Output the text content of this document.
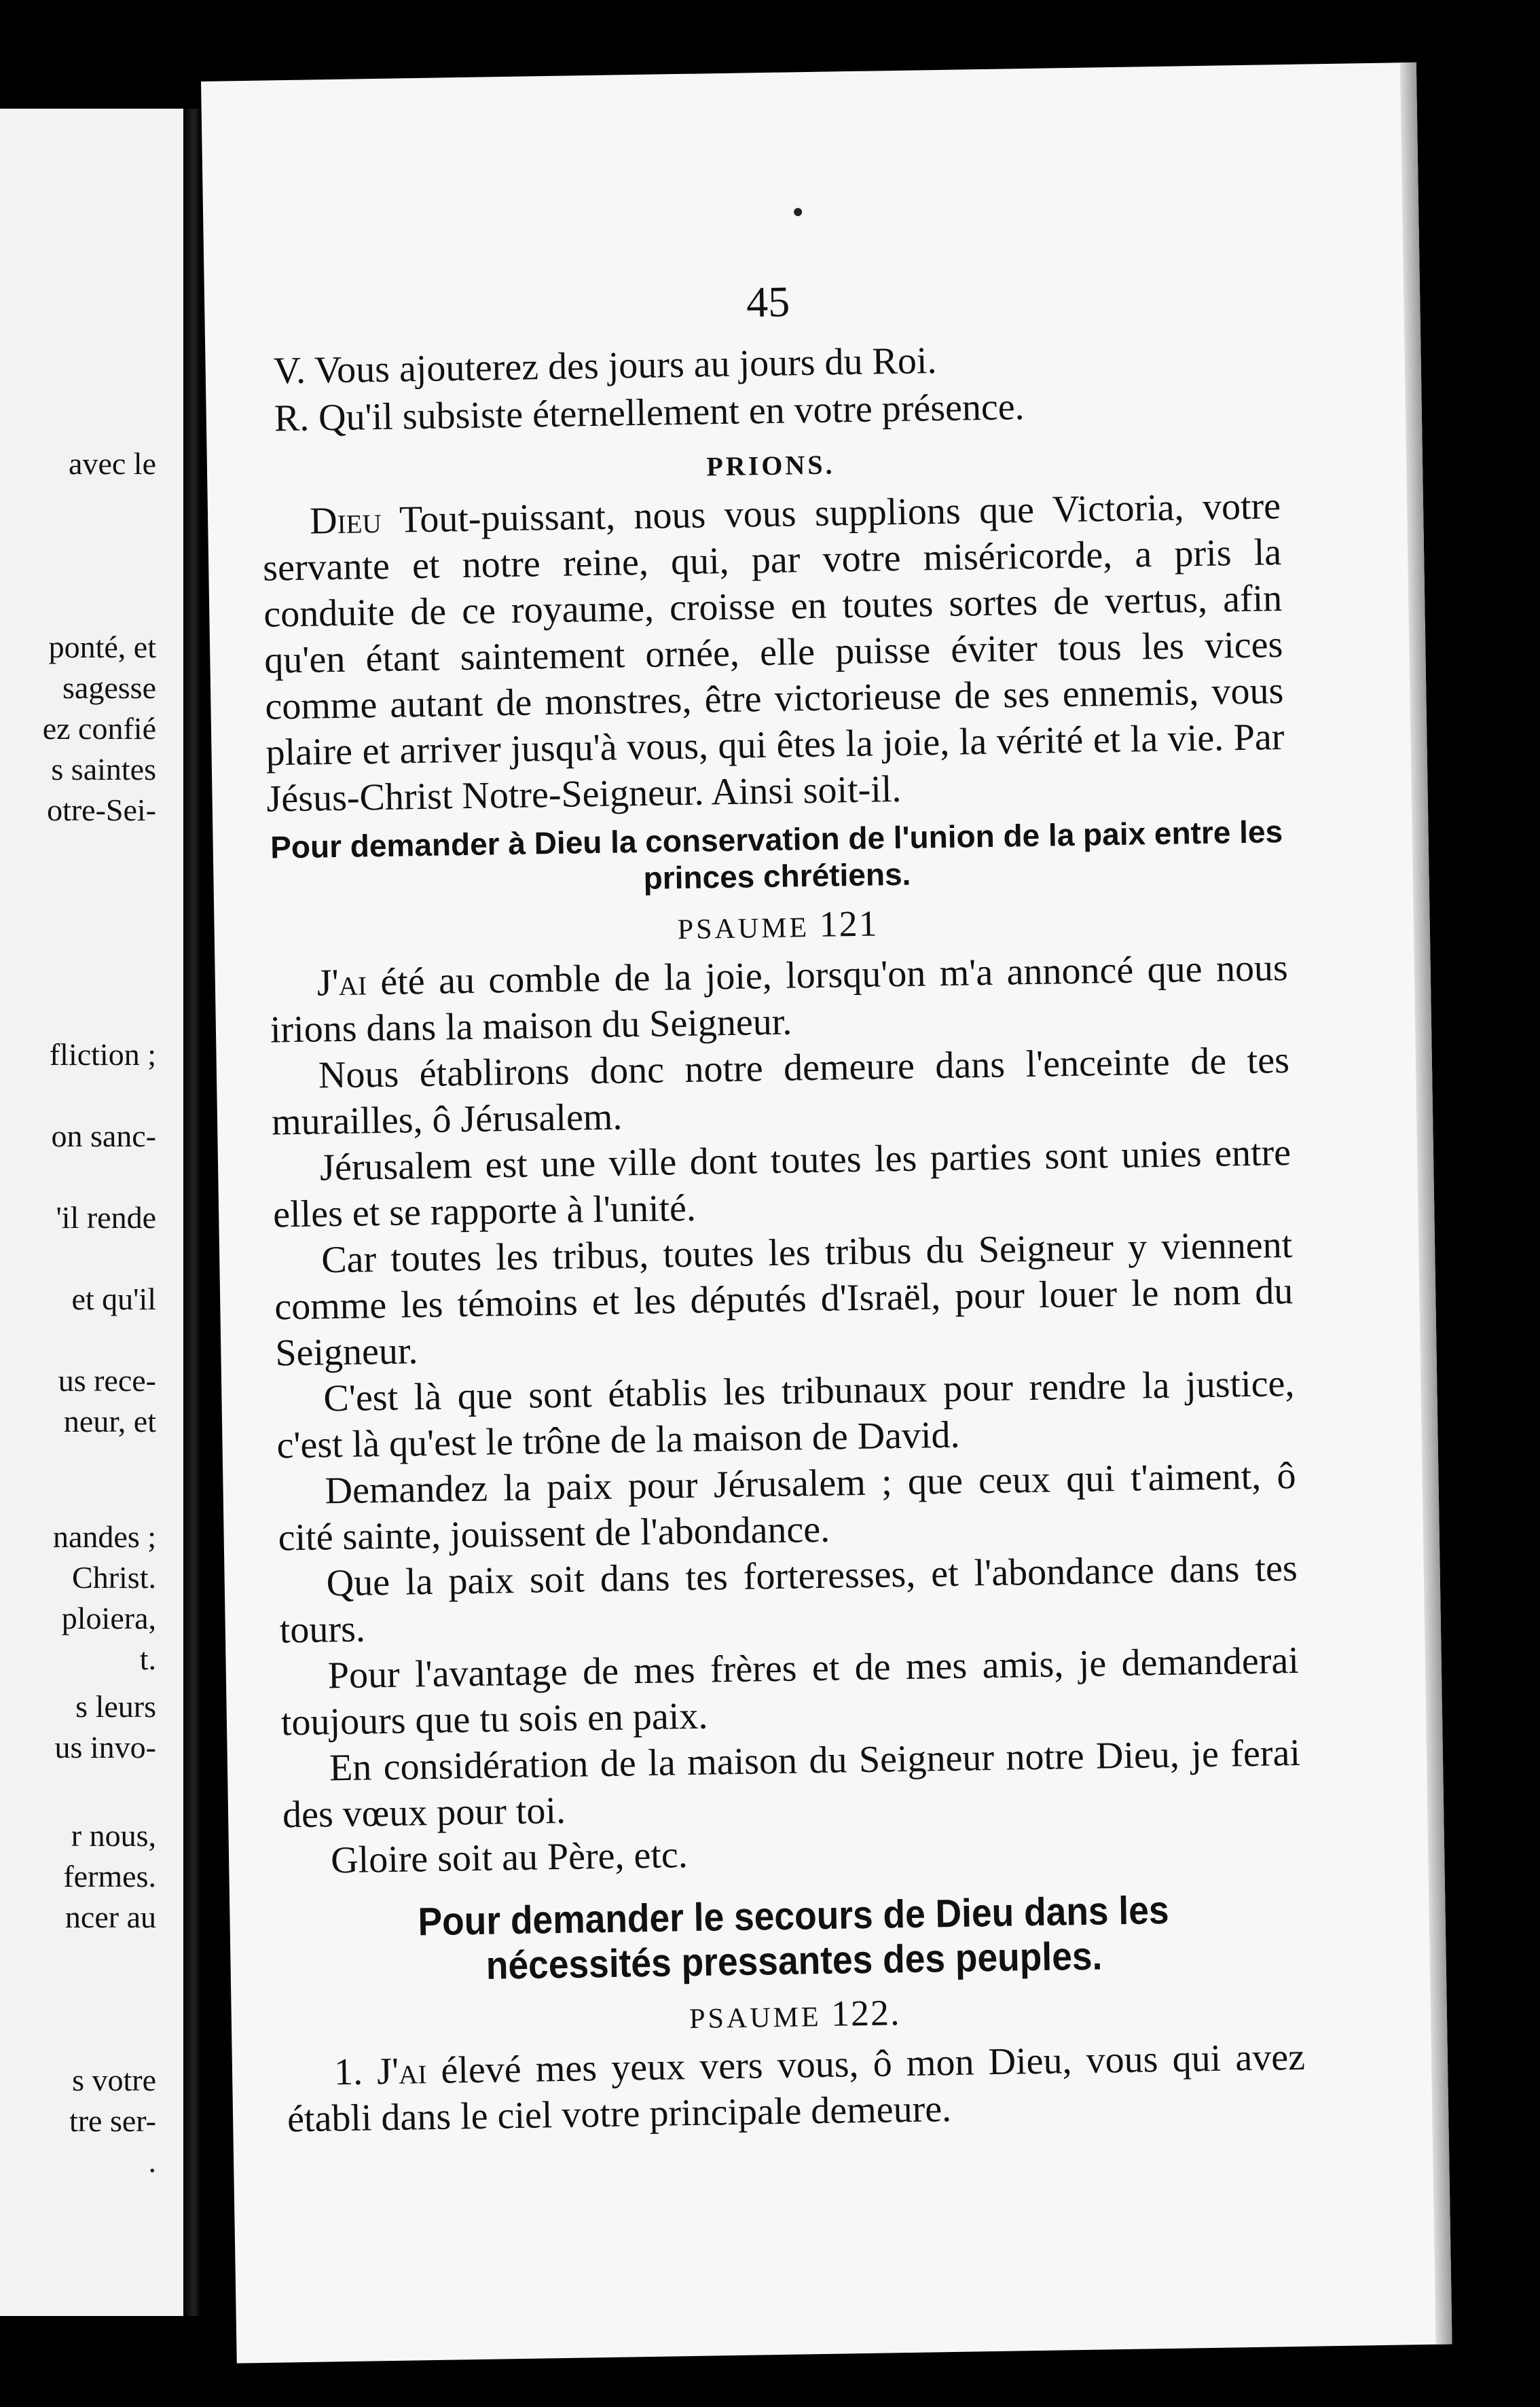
avec le
ponté, et
sagesse
ez confié
s saintes
otre-Sei-
fliction ;
on sanc-
'il rende
et qu'il
us rece-
neur, et
nandes ;
Christ.
ploiera,
t.
s leurs
us invo-
r nous,
fermes.
ncer au
s votre
tre ser-
.
45
V. Vous ajouterez des jours au jours du Roi.
R. Qu'il subsiste éternellement en votre présence.
PRIONS.

Dieu Tout-puissant, nous vous supplions que Victoria, votre servante et notre reine, qui, par votre miséricorde, a pris la conduite de ce royaume, croisse en toutes sortes de vertus, afin qu'en étant saintement ornée, elle puisse éviter tous les vices comme autant de monstres, être victorieuse de ses ennemis, vous plaire et arriver jusqu'à vous, qui êtes la joie, la vérité et la vie. Par Jésus-Christ Notre-Seigneur. Ainsi soit-il.

Pour demander à Dieu la conservation de l'union de la paix entre les princes chrétiens.
PSAUME 121

J'ai été au comble de la joie, lorsqu'on m'a annoncé que nous irions dans la maison du Seigneur.

Nous établirons donc notre demeure dans l'enceinte de tes murailles, ô Jérusalem.

Jérusalem est une ville dont toutes les parties sont unies entre elles et se rapporte à l'unité.

Car toutes les tribus, toutes les tribus du Seigneur y viennent comme les témoins et les députés d'Israël, pour louer le nom du Seigneur.

C'est là que sont établis les tribunaux pour rendre la justice, c'est là qu'est le trône de la maison de David.

Demandez la paix pour Jérusalem ; que ceux qui t'aiment, ô cité sainte, jouissent de l'abondance.

Que la paix soit dans tes forteresses, et l'abondance dans tes tours.

Pour l'avantage de mes frères et de mes amis, je demanderai toujours que tu sois en paix.

En considération de la maison du Seigneur notre Dieu, je ferai des vœux pour toi.

Gloire soit au Père, etc.

Pour demander le secours de Dieu dans les nécessités pressantes des peuples.
PSAUME 122.

1. J'ai élevé mes yeux vers vous, ô mon Dieu, vous qui avez établi dans le ciel votre principale demeure.
